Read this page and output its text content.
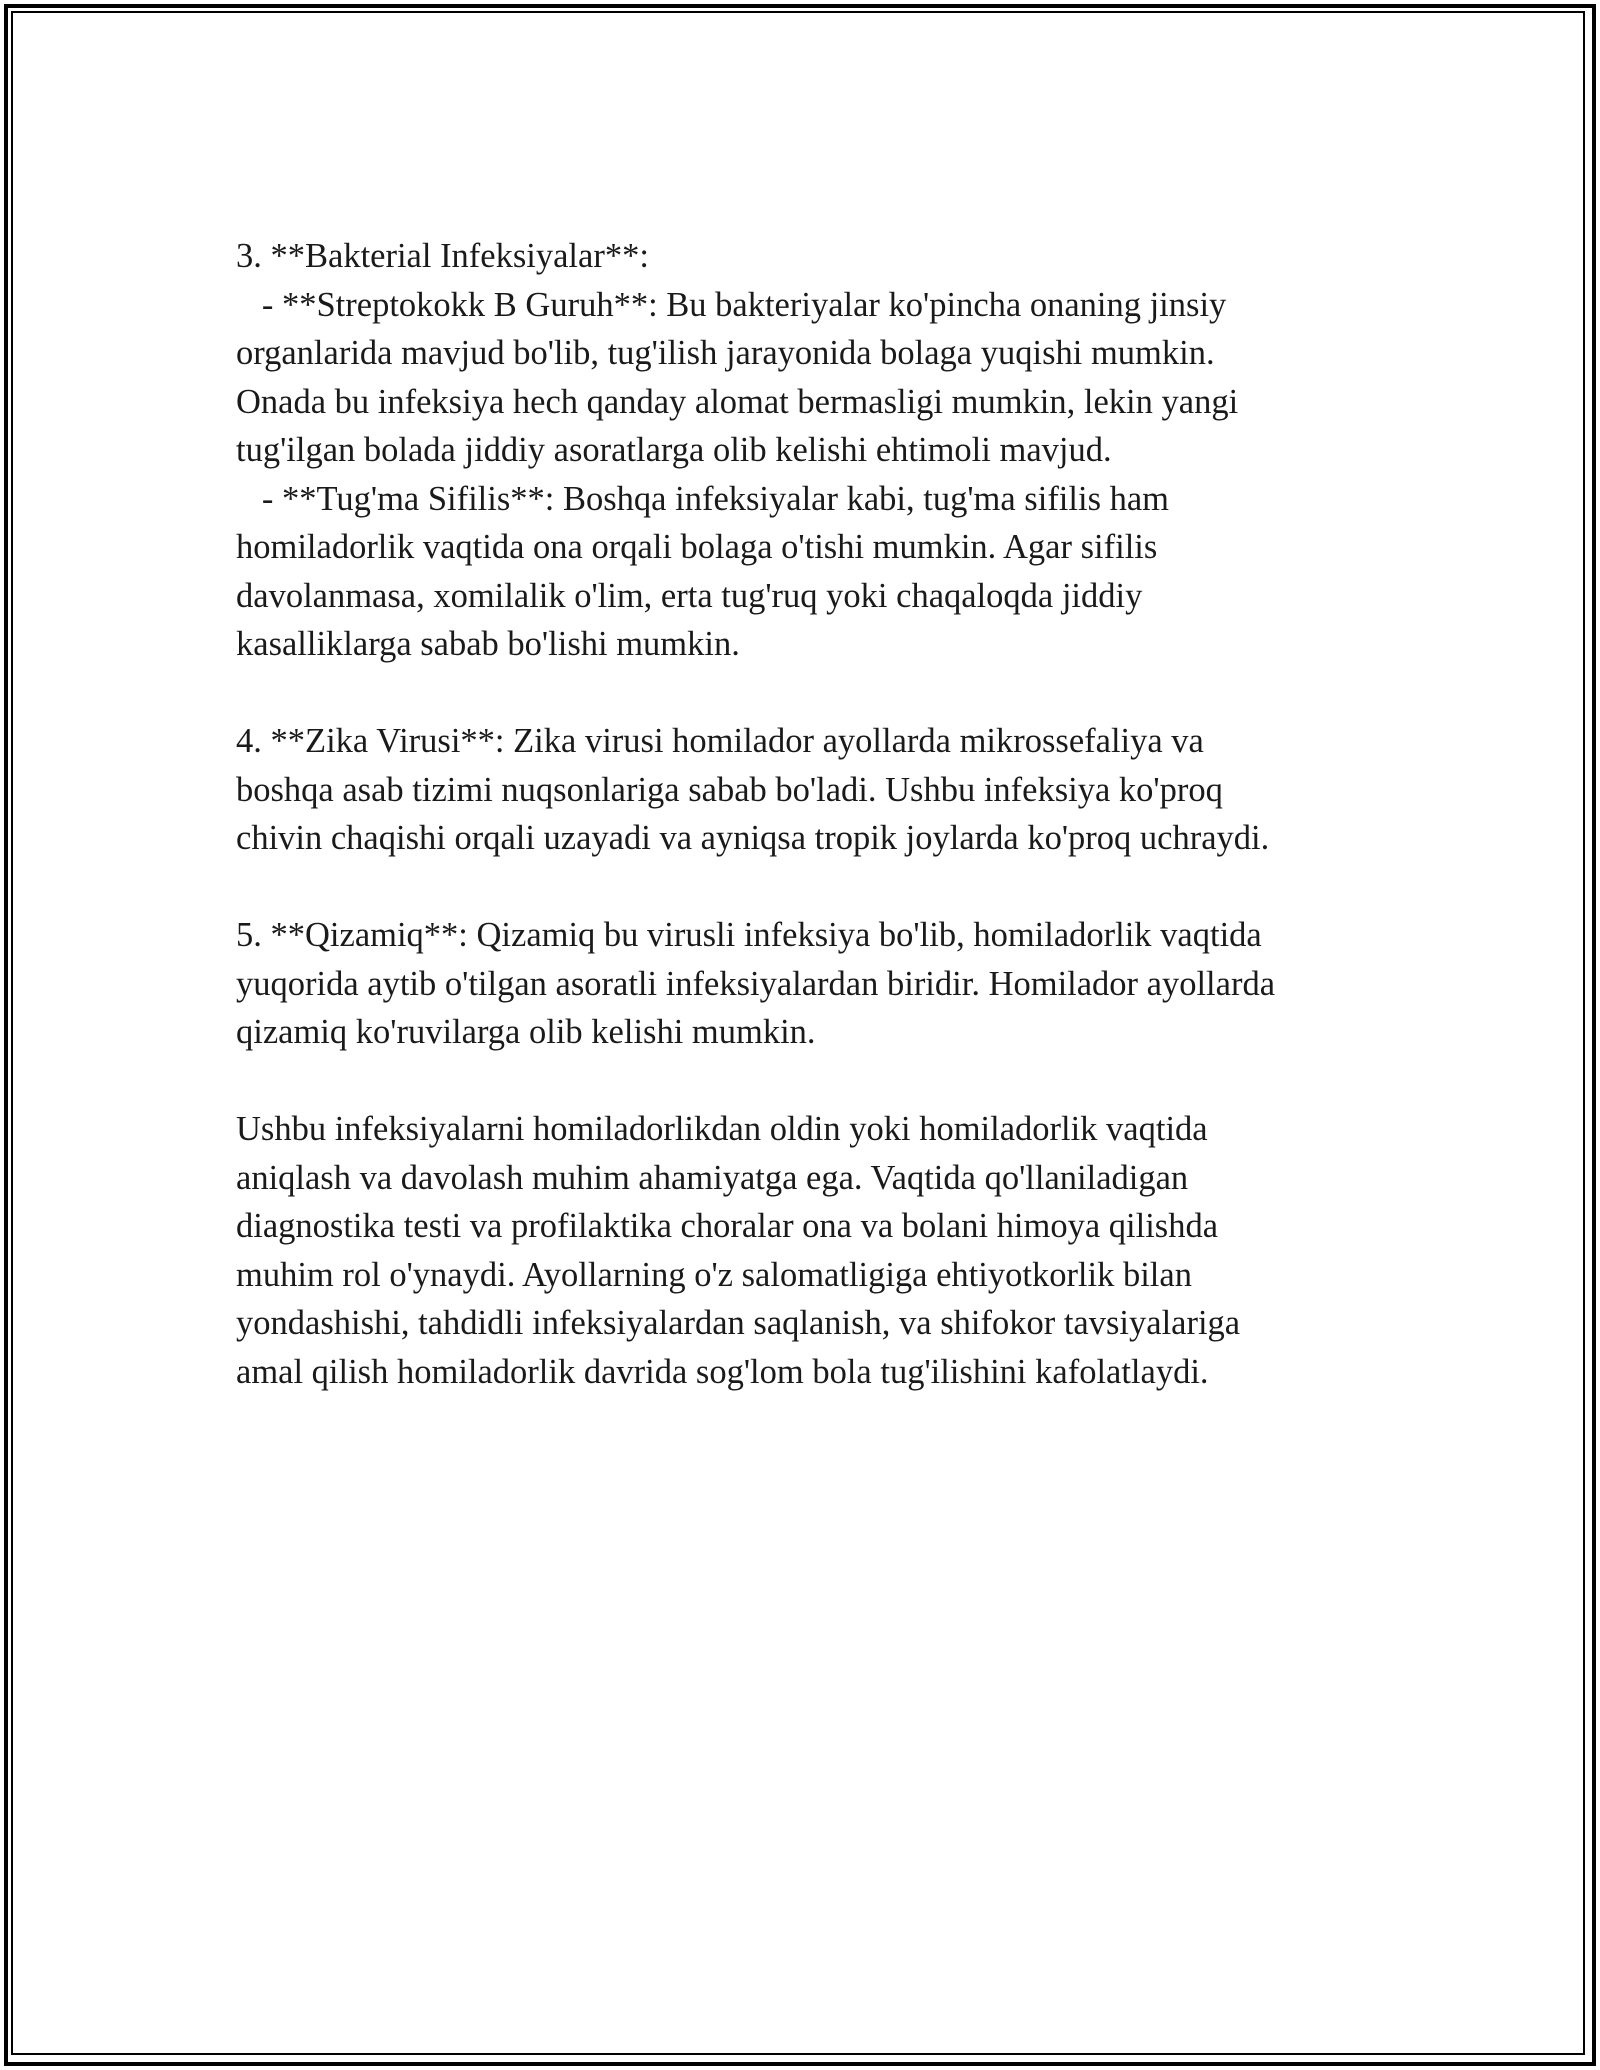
3. **Bakterial Infeksiyalar**:
- **Streptokokk B Guruh**: Bu bakteriyalar ko'pincha onaning jinsiy
organlarida mavjud bo'lib, tug'ilish jarayonida bolaga yuqishi mumkin.
Onada bu infeksiya hech qanday alomat bermasligi mumkin, lekin yangi
tug'ilgan bolada jiddiy asoratlarga olib kelishi ehtimoli mavjud.
- **Tug'ma Sifilis**: Boshqa infeksiyalar kabi, tug'ma sifilis ham
homiladorlik vaqtida ona orqali bolaga o'tishi mumkin. Agar sifilis
davolanmasa, xomilalik o'lim, erta tug'ruq yoki chaqaloqda jiddiy
kasalliklarga sabab bo'lishi mumkin.
4. **Zika Virusi**: Zika virusi homilador ayollarda mikrossefaliya va
boshqa asab tizimi nuqsonlariga sabab bo'ladi. Ushbu infeksiya ko'proq
chivin chaqishi orqali uzayadi va ayniqsa tropik joylarda ko'proq uchraydi.
5. **Qizamiq**: Qizamiq bu virusli infeksiya bo'lib, homiladorlik vaqtida
yuqorida aytib o'tilgan asoratli infeksiyalardan biridir. Homilador ayollarda
qizamiq ko'ruvilarga olib kelishi mumkin.
Ushbu infeksiyalarni homiladorlikdan oldin yoki homiladorlik vaqtida
aniqlash va davolash muhim ahamiyatga ega. Vaqtida qo'llaniladigan
diagnostika testi va profilaktika choralar ona va bolani himoya qilishda
muhim rol o'ynaydi. Ayollarning o'z salomatligiga ehtiyotkorlik bilan
yondashishi, tahdidli infeksiyalardan saqlanish, va shifokor tavsiyalariga
amal qilish homiladorlik davrida sog'lom bola tug'ilishini kafolatlaydi.
